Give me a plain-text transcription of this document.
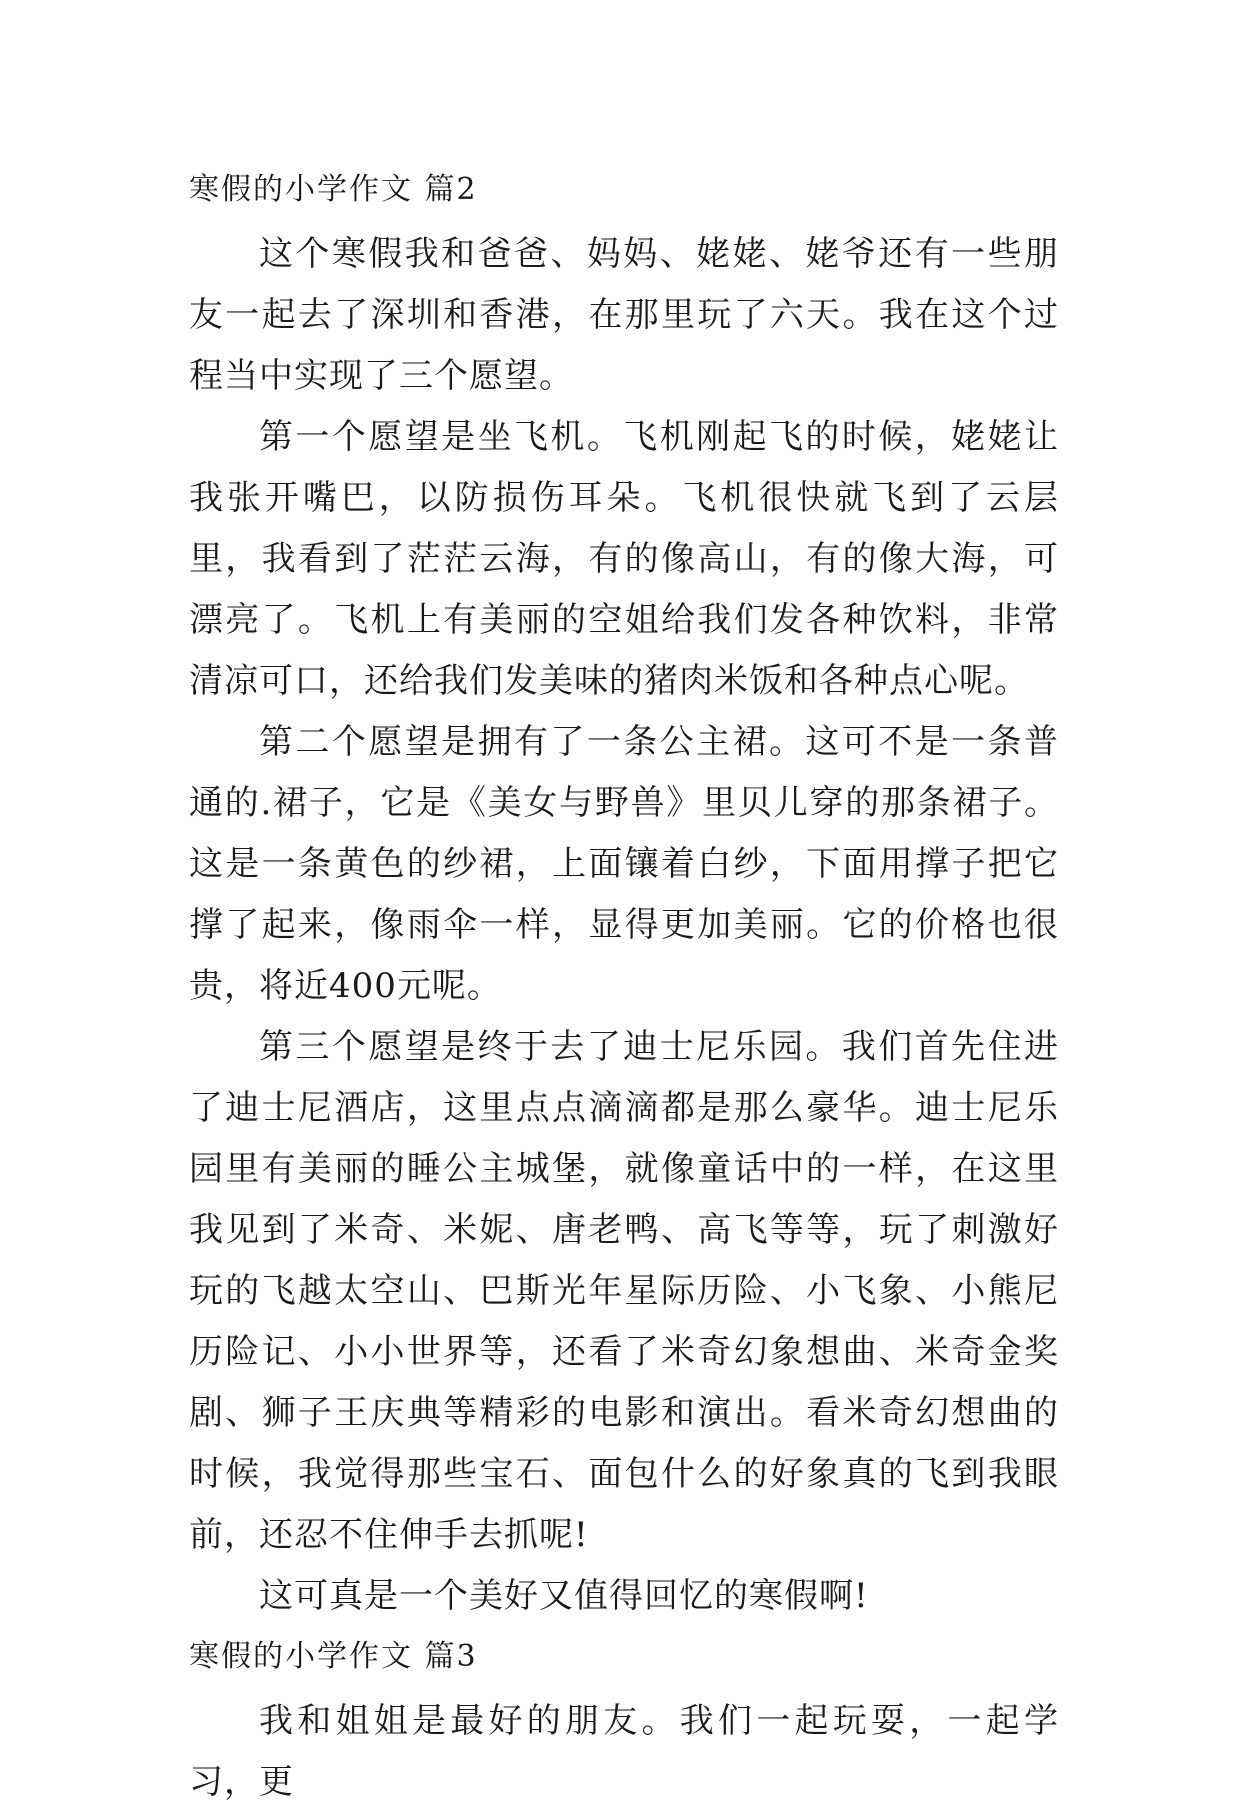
寒假的小学作文 篇2

这个寒假我和爸爸、妈妈、姥姥、姥爷还有一些朋友一起去了深圳和香港，在那里玩了六天。我在这个过程当中实现了三个愿望。

第一个愿望是坐飞机。飞机刚起飞的时候，姥姥让我张开嘴巴，以防损伤耳朵。飞机很快就飞到了云层里，我看到了茫茫云海，有的像高山，有的像大海，可漂亮了。飞机上有美丽的空姐给我们发各种饮料，非常清凉可口，还给我们发美味的猪肉米饭和各种点心呢。

第二个愿望是拥有了一条公主裙。这可不是一条普通的.裙子，它是《美女与野兽》里贝儿穿的那条裙子。这是一条黄色的纱裙，上面镶着白纱，下面用撑子把它撑了起来，像雨伞一样，显得更加美丽。它的价格也很贵，将近400元呢。

第三个愿望是终于去了迪士尼乐园。我们首先住进了迪士尼酒店，这里点点滴滴都是那么豪华。迪士尼乐园里有美丽的睡公主城堡，就像童话中的一样，在这里我见到了米奇、米妮、唐老鸭、高飞等等，玩了刺激好玩的飞越太空山、巴斯光年星际历险、小飞象、小熊尼历险记、小小世界等，还看了米奇幻象想曲、米奇金奖剧、狮子王庆典等精彩的电影和演出。看米奇幻想曲的时候，我觉得那些宝石、面包什么的好象真的飞到我眼前，还忍不住伸手去抓呢!

这可真是一个美好又值得回忆的寒假啊!

寒假的小学作文 篇3

我和姐姐是最好的朋友。我们一起玩耍，一起学习，更
